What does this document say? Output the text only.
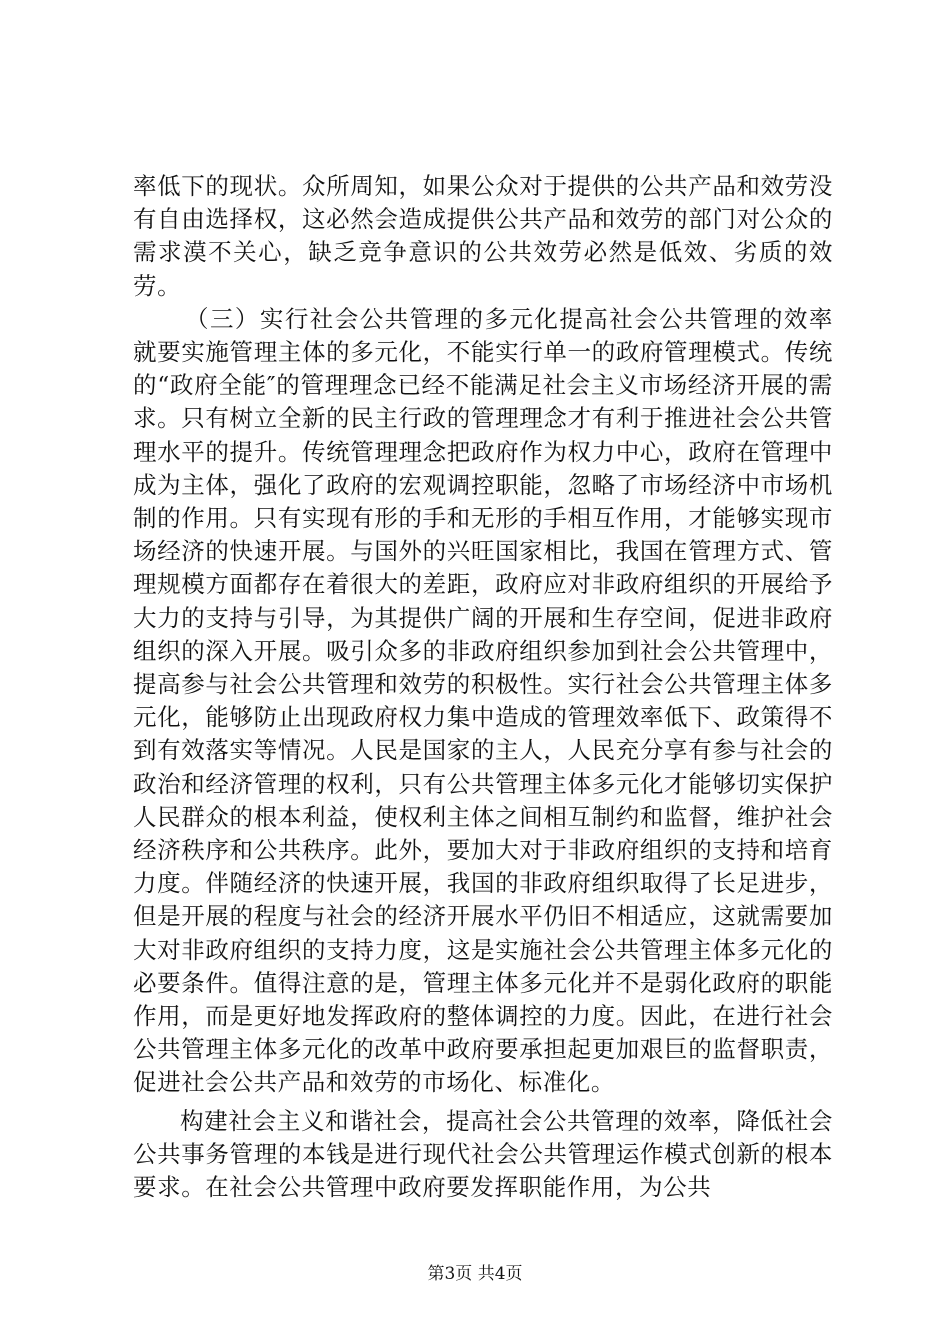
率低下的现状。众所周知，如果公众对于提供的公共产品和效劳没有自由选择权，这必然会造成提供公共产品和效劳的部门对公众的需求漠不关心，缺乏竞争意识的公共效劳必然是低效、劣质的效劳。

（三）实行社会公共管理的多元化提高社会公共管理的效率就要实施管理主体的多元化，不能实行单一的政府管理模式。传统的“政府全能″的管理理念已经不能满足社会主义市场经济开展的需求。只有树立全新的民主行政的管理理念才有利于推进社会公共管理水平的提升。传统管理理念把政府作为权力中心，政府在管理中成为主体，强化了政府的宏观调控职能，忽略了市场经济中市场机制的作用。只有实现有形的手和无形的手相互作用，才能够实现市场经济的快速开展。与国外的兴旺国家相比，我国在管理方式、管理规模方面都存在着很大的差距，政府应对非政府组织的开展给予大力的支持与引导，为其提供广阔的开展和生存空间，促进非政府组织的深入开展。吸引众多的非政府组织参加到社会公共管理中，提高参与社会公共管理和效劳的积极性。实行社会公共管理主体多元化，能够防止出现政府权力集中造成的管理效率低下、政策得不到有效落实等情况。人民是国家的主人，人民充分享有参与社会的政治和经济管理的权利，只有公共管理主体多元化才能够切实保护人民群众的根本利益，使权利主体之间相互制约和监督，维护社会经济秩序和公共秩序。此外，要加大对于非政府组织的支持和培育力度。伴随经济的快速开展，我国的非政府组织取得了长足进步，但是开展的程度与社会的经济开展水平仍旧不相适应，这就需要加大对非政府组织的支持力度，这是实施社会公共管理主体多元化的必要条件。值得注意的是，管理主体多元化并不是弱化政府的职能作用，而是更好地发挥政府的整体调控的力度。因此，在进行社会公共管理主体多元化的改革中政府要承担起更加艰巨的监督职责，促进社会公共产品和效劳的市场化、标准化。

构建社会主义和谐社会，提高社会公共管理的效率，降低社会公共事务管理的本钱是进行现代社会公共管理运作模式创新的根本要求。在社会公共管理中政府要发挥职能作用，为公共

第3页 共4页
